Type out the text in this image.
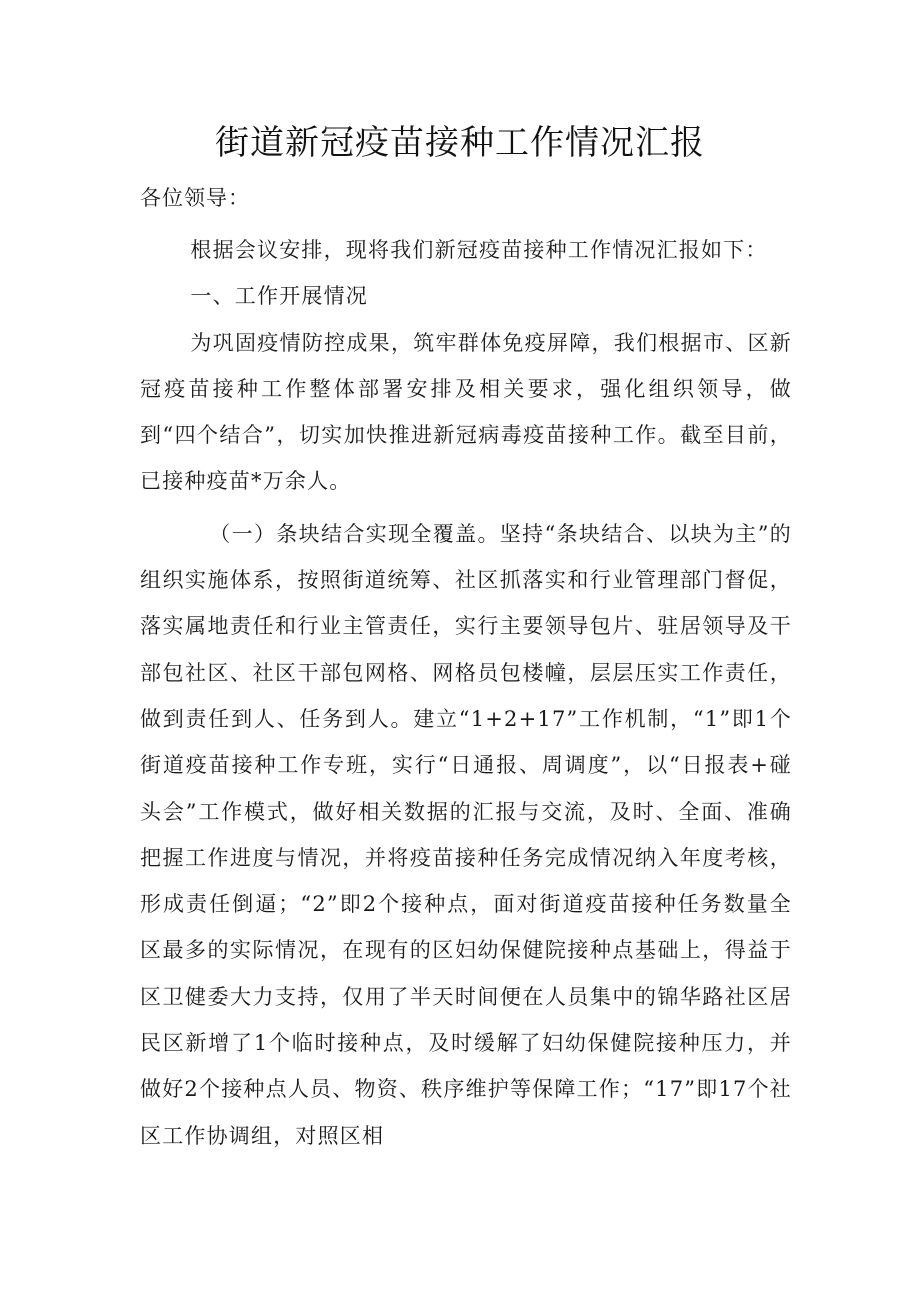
街道新冠疫苗接种工作情况汇报
各位领导：

根据会议安排，现将我们新冠疫苗接种工作情况汇报如下：

一、工作开展情况

为巩固疫情防控成果，筑牢群体免疫屏障，我们根据市、区新冠疫苗接种工作整体部署安排及相关要求，强化组织领导，做到“四个结合”，切实加快推进新冠病毒疫苗接种工作。截至目前，已接种疫苗*万余人。

（一）条块结合实现全覆盖。坚持“条块结合、以块为主”的组织实施体系，按照街道统筹、社区抓落实和行业管理部门督促，落实属地责任和行业主管责任，实行主要领导包片、驻居领导及干部包社区、社区干部包网格、网格员包楼幢，层层压实工作责任，做到责任到人、任务到人。建立“1+2+17”工作机制，“1”即1个街道疫苗接种工作专班，实行“日通报、周调度”，以“日报表+碰头会”工作模式，做好相关数据的汇报与交流，及时、全面、准确把握工作进度与情况，并将疫苗接种任务完成情况纳入年度考核，形成责任倒逼；“2”即2个接种点，面对街道疫苗接种任务数量全区最多的实际情况，在现有的区妇幼保健院接种点基础上，得益于区卫健委大力支持，仅用了半天时间便在人员集中的锦华路社区居民区新增了1个临时接种点，及时缓解了妇幼保健院接种压力，并做好2个接种点人员、物资、秩序维护等保障工作；“17”即17个社区工作协调组，对照区相
